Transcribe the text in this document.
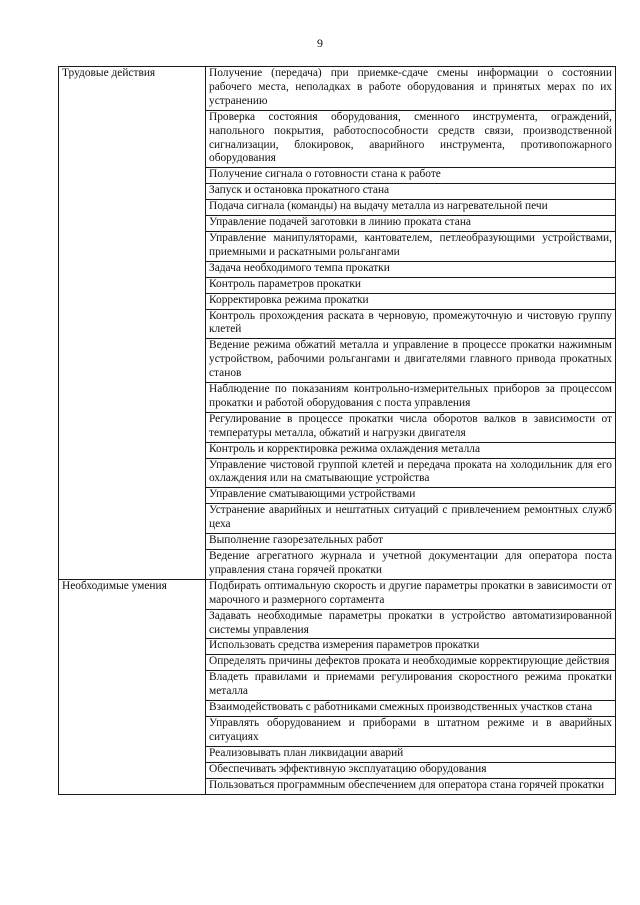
9
Трудовые действия	Получение (передача) при приемке-сдаче смены информации о состоянии рабочего места, неполадках в работе оборудования и принятых мерах по их устранению

	Проверка состояния оборудования, сменного инструмента, ограждений, напольного покрытия, работоспособности средств связи, производственной сигнализации, блокировок, аварийного инструмента, противопожарного оборудования

	Получение сигнала о готовности стана к работе

	Запуск и остановка прокатного стана

	Подача сигнала (команды) на выдачу металла из нагревательной печи

	Управление подачей заготовки в линию проката стана

	Управление манипуляторами, кантователем, петлеобразующими устройствами, приемными и раскатными рольгангами

	Задача необходимого темпа прокатки

	Контроль параметров прокатки

	Корректировка режима прокатки

	Контроль прохождения раската в черновую, промежуточную и чистовую группу клетей

	Ведение режима обжатий металла и управление в процессе прокатки нажимным устройством, рабочими рольгангами и двигателями главного привода прокатных станов

	Наблюдение по показаниям контрольно-измерительных приборов за процессом прокатки и работой оборудования с поста управления

	Регулирование в процессе прокатки числа оборотов валков в зависимости от температуры металла, обжатий и нагрузки двигателя

	Контроль и корректировка режима охлаждения металла

	Управление чистовой группой клетей и передача проката на холодильник для его охлаждения или на сматывающие устройства

	Управление сматывающими устройствами

	Устранение аварийных и нештатных ситуаций с привлечением ремонтных служб цеха

	Выполнение газорезательных работ

	Ведение агрегатного журнала и учетной документации для оператора поста управления стана горячей прокатки

Необходимые умения	Подбирать оптимальную скорость и другие параметры прокатки в зависимости от марочного и размерного сортамента

	Задавать необходимые параметры прокатки в устройство автоматизированной системы управления

	Использовать средства измерения параметров прокатки

	Определять причины дефектов проката и необходимые корректирующие действия

	Владеть правилами и приемами регулирования скоростного режима прокатки металла

	Взаимодействовать с работниками смежных производственных участков стана

	Управлять оборудованием и приборами в штатном режиме и в аварийных ситуациях

	Реализовывать план ликвидации аварий

	Обеспечивать эффективную эксплуатацию оборудования

	Пользоваться программным обеспечением для оператора стана горячей прокатки
